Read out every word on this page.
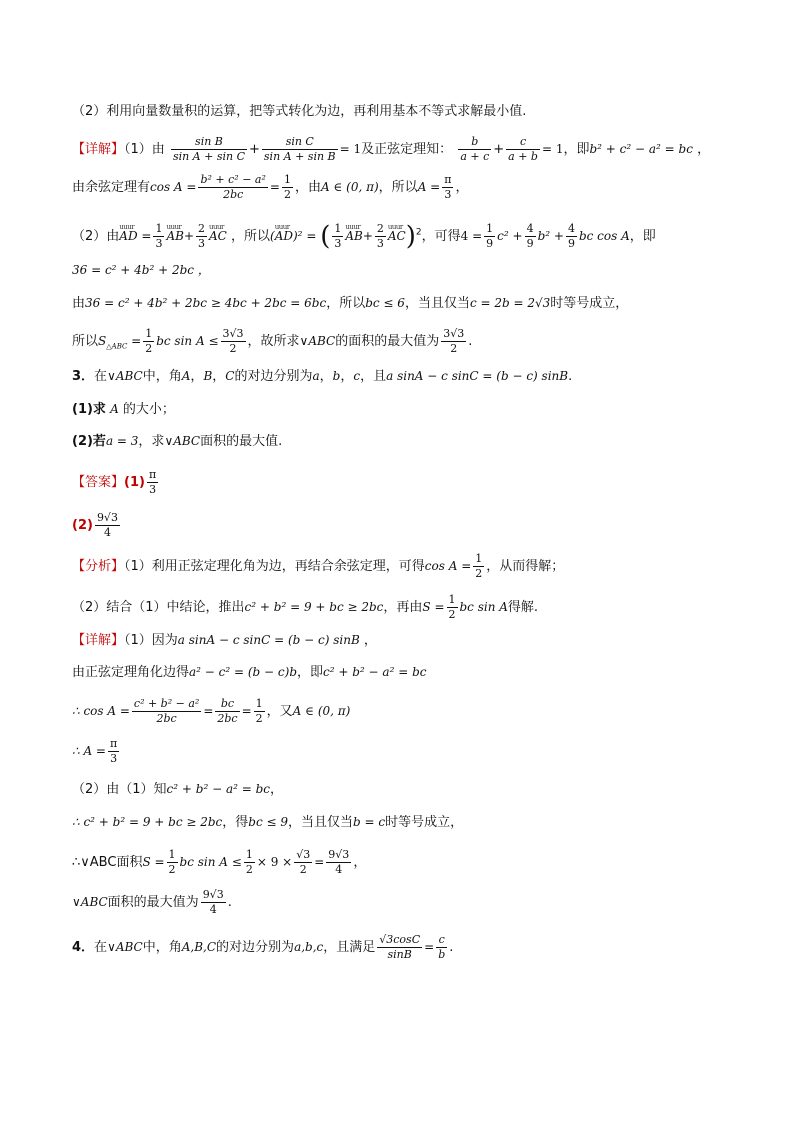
（2）利用向量数量积的运算，把等式转化为边，再利用基本不等式求解最小值.
【详解】（1）由 $\frac{\text{sin B}}{\text{sin A + sin C}} + \frac{\text{sin C}}{\text{sin A + sin B}} = 1$及正弦定理知： $\frac{b}{a + c} + \frac{c}{a + b} = 1$，即b² + c² − a² = bc ，
由余弦定理有$\cos A = \frac{\text{b² + c² − a²}}{2bc} = \frac{1}{2}$ ，由A ∈ (0, π)，所以$A = \frac{\pi}{3}$ ，
（2）由uuur AD = $\frac{1}{3}$ uuur $AB+ \frac{2}{3}$ uuur AC ，所以(uuur AD)² = ( $\frac{1}{3}$ uuur $AB+ \frac{2}{3}$ uuur AC)$^2$，可得$4 = \frac{1}{9} c^2 + \frac{4}{9} b^2 + \frac{4}{9}$ bc cos A，即
36 = c² + 4b² + 2bc ，
由36 = c² + 4b² + 2bc ≥ 4bc + 2bc = 6bc，所以bc ≤ 6，当且仅当c = 2b = 2√3时等号成立，
所以$S_{\triangle ABC} = \frac{1}{2}$ bc $\sin A \le \frac{3√3}{2}$ ，故所求∨ABC的面积的最大值为 $\frac{3√3}{2}$ .
3．在∨ABC中，角A，B，C的对边分别为a，b，c，且a sinA − c sinC = (b − c) sinB.
(1)求 A 的大小；
(2)若a = 3，求∨ABC面积的最大值.
【答案】$(1) \frac{\pi}{3}$
$(2) \frac{9√3}{4}$
【分析】（1）利用正弦定理化角为边，再结合余弦定理，可得$\cos A = \frac{1}{2}$ ，从而得解；
（2）结合（1）中结论，推出c² + b² = 9 + bc ≥ 2bc，再由$S = \frac{1}{2}$ bc sin A得解.
【详解】（1）因为a sinA − c sinC = (b − c) sinB ，
由正弦定理角化边得a² − c² = (b − c)b，即c² + b² − a² = bc
∴ $\cos A = \frac{\text{c² + b² − a²}}{2bc} = \frac{bc}{2bc} = \frac{1}{2}$ ，又A ∈ (0, π)
∴ $A = \frac{\pi}{3}$
（2）由（1）知c² + b² − a² = bc，
∴ c² + b² = 9 + bc ≥ 2bc，得bc ≤ 9，当且仅当b = c时等号成立，
∴∨ABC面积$S = \frac{1}{2}$ bc $\sin A \le \frac{1}{2} \times 9 \times \frac{√3}{2} = \frac{9√3}{4}$ ，
∨ABC面积的最大值为 $\frac{9√3}{4}$ .
4．在∨ABC中，角A,B,C的对边分别为a,b,c，且满足 $\frac{√3\cos C}{\sin B} = \frac{c}{b}$ .
